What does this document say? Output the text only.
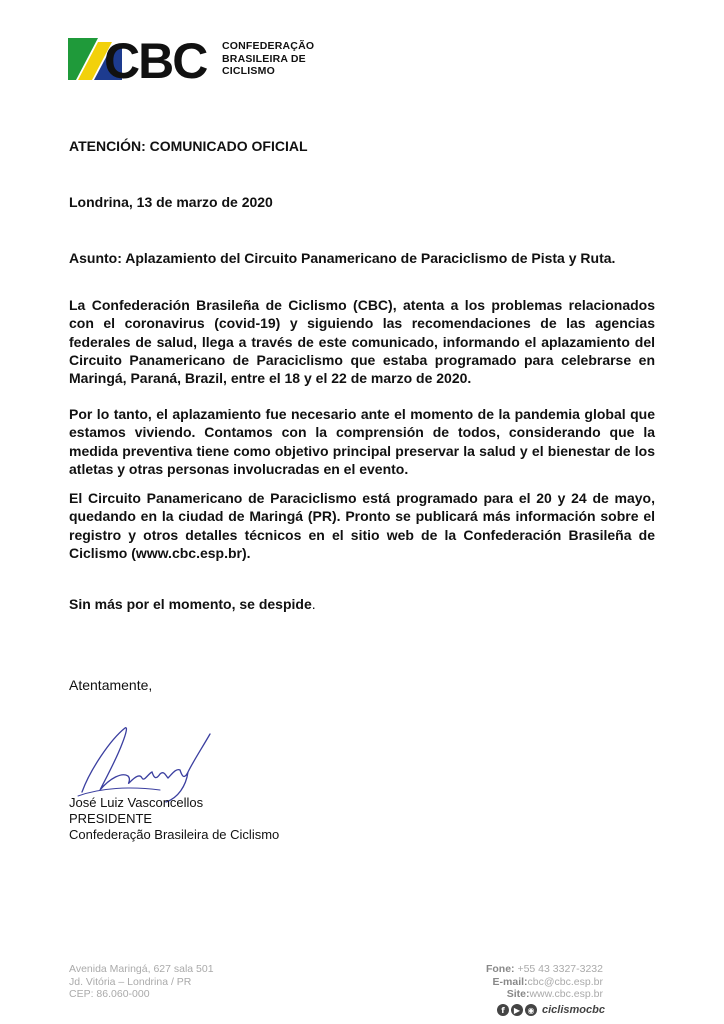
CBC CONFEDERAÇÃO
BRASILEIRA DE
CICLISMO
ATENCIÓN: COMUNICADO OFICIAL
Londrina, 13 de marzo de 2020
Asunto: Aplazamiento del Circuito Panamericano de Paraciclismo de Pista y Ruta.
La Confederación Brasileña de Ciclismo (CBC), atenta a los problemas relacionados con el coronavirus (covid-19) y siguiendo las recomendaciones de las agencias federales de salud, llega a través de este comunicado, informando el aplazamiento del Circuito Panamericano de Paraciclismo que estaba programado para celebrarse en Maringá, Paraná, Brazil, entre el 18 y el 22 de marzo de 2020.
Por lo tanto, el aplazamiento fue necesario ante el momento de la pandemia global que estamos viviendo. Contamos con la comprensión de todos, considerando que la medida preventiva tiene como objetivo principal preservar la salud y el bienestar de los atletas y otras personas involucradas en el evento.
El Circuito Panamericano de Paraciclismo está programado para el 20 y 24 de mayo, quedando en la ciudad de Maringá (PR). Pronto se publicará más información sobre el registro y otros detalles técnicos en el sitio web de la Confederación Brasileña de Ciclismo (www.cbc.esp.br).
Sin más por el momento, se despide.
Atentamente,
José Luiz Vasconcellos
PRESIDENTE
Confederação Brasileira de Ciclismo
Avenida Maringá, 627 sala 501
Jd. Vitória – Londrina / PR
CEP: 86.060-000
Fone: +55 43 3327-3232
E-mail:cbc@cbc.esp.br
Site:www.cbc.esp.br
f	▶ ◉ ciclismocbc
